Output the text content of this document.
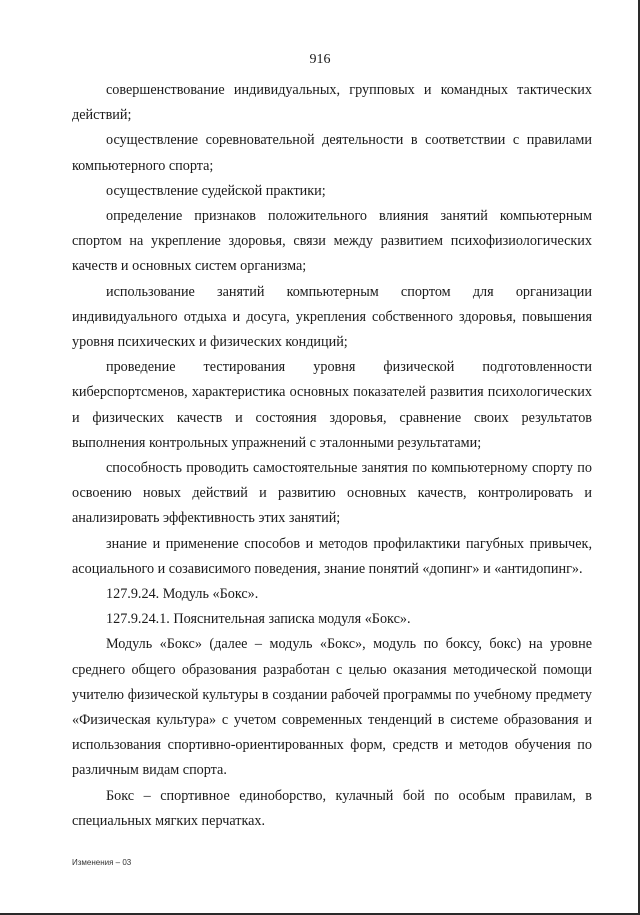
916

совершенствование индивидуальных, групповых и командных тактических действий;

осуществление соревновательной деятельности в соответствии с правилами компьютерного спорта;

осуществление судейской практики;

определение признаков положительного влияния занятий компьютерным спортом на укрепление здоровья, связи между развитием психофизиологических качеств и основных систем организма;

использование занятий компьютерным спортом для организации индивидуального отдыха и досуга, укрепления собственного здоровья, повышения уровня психических и физических кондиций;

проведение тестирования уровня физической подготовленности киберспортсменов, характеристика основных показателей развития психологических и физических качеств и состояния здоровья, сравнение своих результатов выполнения контрольных упражнений с эталонными результатами;

способность проводить самостоятельные занятия по компьютерному спорту по освоению новых действий и развитию основных качеств, контролировать и анализировать эффективность этих занятий;

знание и применение способов и методов профилактики пагубных привычек, асоциального и созависимого поведения, знание понятий «допинг» и «антидопинг».

127.9.24. Модуль «Бокс».

127.9.24.1. Пояснительная записка модуля «Бокс».

Модуль «Бокс» (далее – модуль «Бокс», модуль по боксу, бокс) на уровне среднего общего образования разработан с целью оказания методической помощи учителю физической культуры в создании рабочей программы по учебному предмету «Физическая культура» с учетом современных тенденций в системе образования и использования спортивно-ориентированных форм, средств и методов обучения по различным видам спорта.

Бокс – спортивное единоборство, кулачный бой по особым правилам, в специальных мягких перчатках.

Изменения – 03
